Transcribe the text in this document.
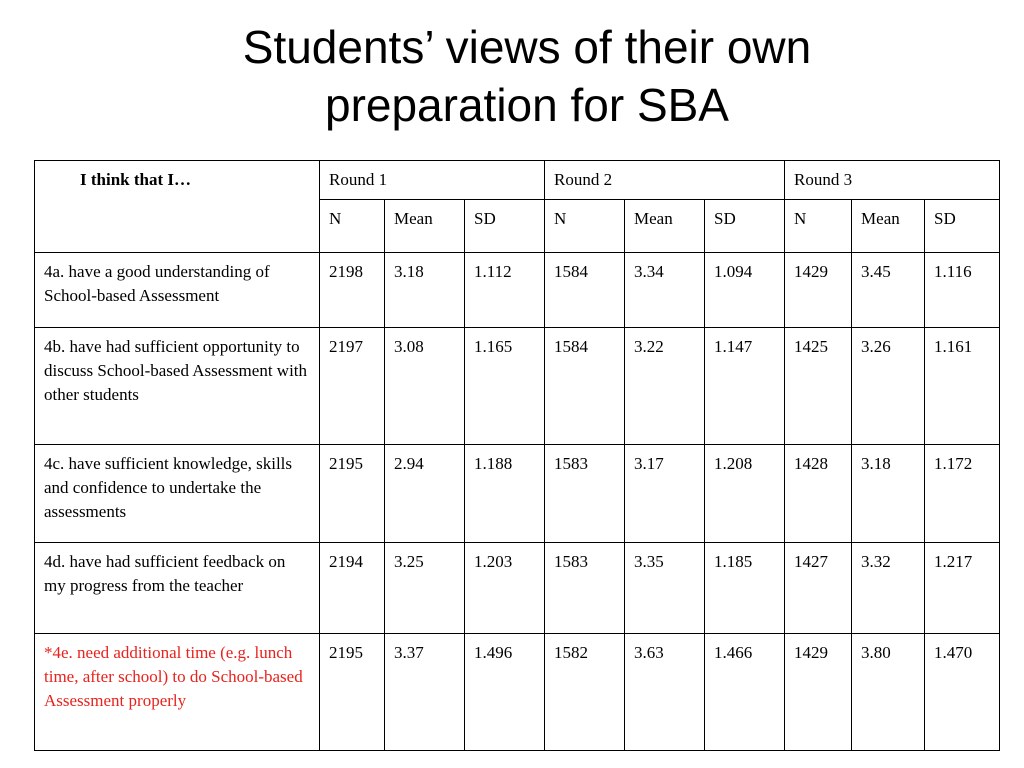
Students’ views of their own
preparation for SBA
I think that I…	Round 1			Round 2			Round 3		
	N	Mean	SD	N	Mean	SD	N	Mean	SD
4a. have a good understanding of School-based Assessment	2198	3.18	1.112	1584	3.34	1.094	1429	3.45	1.116
4b. have had sufficient opportunity to discuss School-based Assessment with other students	2197	3.08	1.165	1584	3.22	1.147	1425	3.26	1.161
4c. have sufficient knowledge, skills and confidence to undertake the assessments	2195	2.94	1.188	1583	3.17	1.208	1428	3.18	1.172
4d. have had sufficient feedback on my progress from the teacher	2194	3.25	1.203	1583	3.35	1.185	1427	3.32	1.217
*4e. need additional time (e.g. lunch time, after school) to do School-based Assessment properly	2195	3.37	1.496	1582	3.63	1.466	1429	3.80	1.470
